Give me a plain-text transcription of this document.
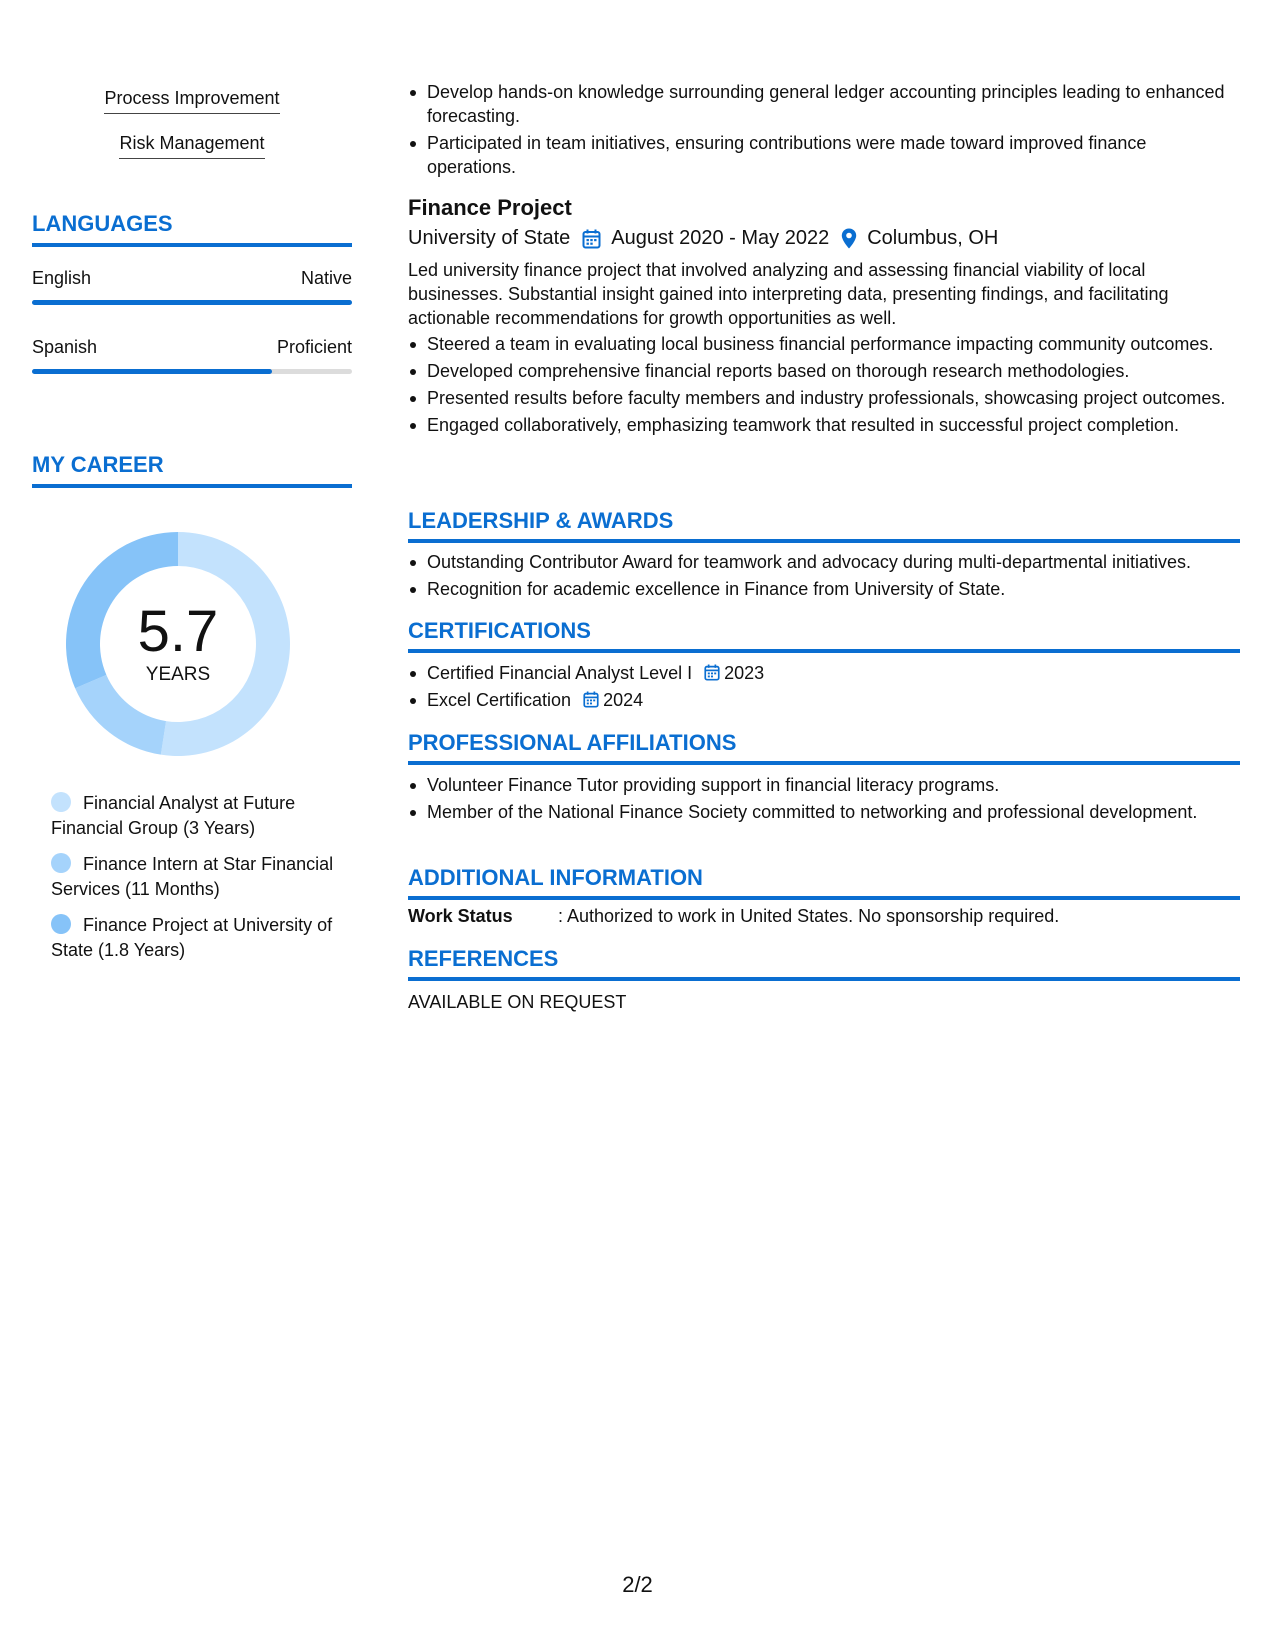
Process Improvement
Risk Management
LANGUAGES
English	Native
Spanish	Proficient
MY CAREER
5.7
YEARS
Financial Analyst at Future Financial Group (3 Years)
Finance Intern at Star Financial Services (11 Months)
Finance Project at University of State (1.8 Years)
Develop hands-on knowledge surrounding general ledger accounting principles leading to enhanced forecasting.
Participated in team initiatives, ensuring contributions were made toward improved finance operations.
Finance Project
University of State August 2020 - May 2022 Columbus, OH
Led university finance project that involved analyzing and assessing financial viability of local businesses. Substantial insight gained into interpreting data, presenting findings, and facilitating actionable recommendations for growth opportunities as well.
Steered a team in evaluating local business financial performance impacting community outcomes.
Developed comprehensive financial reports based on thorough research methodologies.
Presented results before faculty members and industry professionals, showcasing project outcomes.
Engaged collaboratively, emphasizing teamwork that resulted in successful project completion.
LEADERSHIP & AWARDS
Outstanding Contributor Award for teamwork and advocacy during multi-departmental initiatives.
Recognition for academic excellence in Finance from University of State.
CERTIFICATIONS
Certified Financial Analyst Level I 2023
Excel Certification 2024
PROFESSIONAL AFFILIATIONS
Volunteer Finance Tutor providing support in financial literacy programs.
Member of the National Finance Society committed to networking and professional development.
ADDITIONAL INFORMATION
Work Status	: Authorized to work in United States. No sponsorship required.
REFERENCES
AVAILABLE ON REQUEST
2/2
